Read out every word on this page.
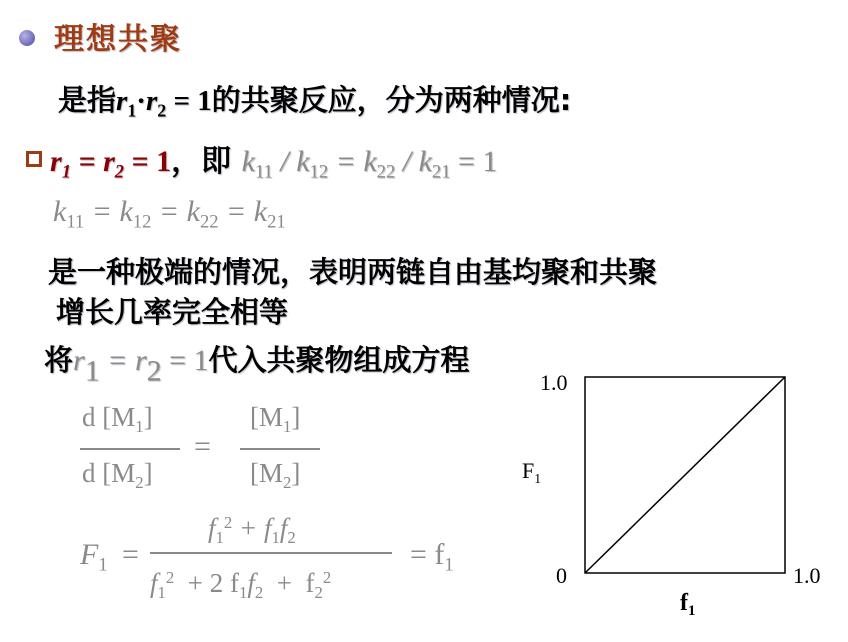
理想共聚
是指$r_1\cdot r_2 = 1$的共聚反应，分为两种情况:
$r_1 = r_2 = 1$，即 $k_{11} / k_{12} = k_{22} / k_{21} = 1$
$k_{11} = k_{12} = k_{22} = k_{21}$
是一种极端的情况，表明两链自由基均聚和共聚
增长几率完全相等
将$r_1 = r_2 = 1$代入共聚物组成方程
d $[M_1]$
d $[M_2]$
=
$[M_1]$
$[M_2]$
$F_1$ =
$f_1^2 + f_1f_2$
$f_1^2 + 2$ $f_1f_2 + f_2^2$
= $f_1$
1.0
$F_1$
0	1.0
$f_1$
